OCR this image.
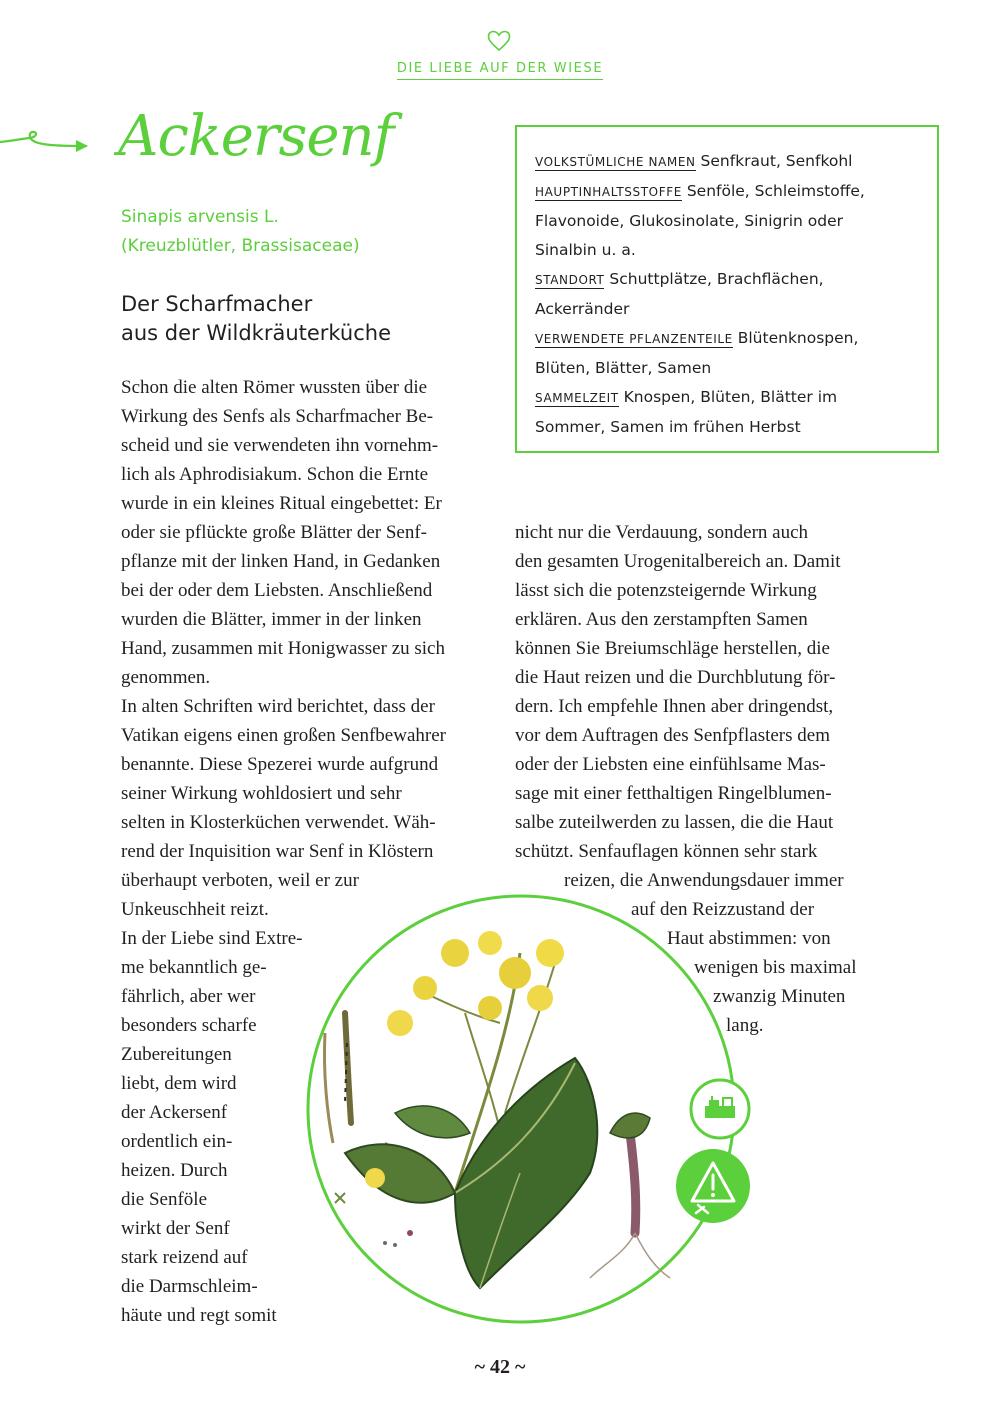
DIE LIEBE AUF DER WIESE
Ackersenf
Sinapis arvensis L.
(Kreuzblütler, Brassisaceae)
Der Scharfmacher
aus der Wildkräuterküche
VOLKSTÜMLICHE NAMEN Senfkraut, Senfkohl
HAUPTINHALTSSTOFFE Senföle, Schleimstoffe,
Flavonoide, Glukosinolate, Sinigrin oder
Sinalbin u. a.
STANDORT Schuttplätze, Brachflächen,
Ackerränder
VERWENDETE PFLANZENTEILE Blütenknospen,
Blüten, Blätter, Samen
SAMMELZEIT Knospen, Blüten, Blätter im
Sommer, Samen im frühen Herbst
Schon die alten Römer wussten über die
Wirkung des Senfs als Scharfmacher Be-
scheid und sie verwendeten ihn vornehm-
lich als Aphrodisiakum. Schon die Ernte
wurde in ein kleines Ritual eingebettet: Er
oder sie pflückte große Blätter der Senf-
pflanze mit der linken Hand, in Gedanken
bei der oder dem Liebsten. Anschließend
wurden die Blätter, immer in der linken
Hand, zusammen mit Honigwasser zu sich
genommen.
In alten Schriften wird berichtet, dass der
Vatikan eigens einen großen Senfbewahrer
benannte. Diese Spezerei wurde aufgrund
seiner Wirkung wohldosiert und sehr
selten in Klosterküchen verwendet. Wäh-
rend der Inquisition war Senf in Klöstern
überhaupt verboten, weil er zur
Unkeuschheit reizt.
In der Liebe sind Extre-
me bekanntlich ge-
fährlich, aber wer
besonders scharfe
Zubereitungen
liebt, dem wird
der Ackersenf
ordentlich ein-
heizen. Durch
die Senföle
wirkt der Senf
stark reizend auf
die Darmschleim-
häute und regt somit
nicht nur die Verdauung, sondern auch
den gesamten Urogenitalbereich an. Damit
lässt sich die potenzsteigernde Wirkung
erklären. Aus den zerstampften Samen
können Sie Breiumschläge herstellen, die
die Haut reizen und die Durchblutung för-
dern. Ich empfehle Ihnen aber dringendst,
vor dem Auftragen des Senfpflasters dem
oder der Liebsten eine einfühlsame Mas-
sage mit einer fetthaltigen Ringelblumen-
salbe zuteilwerden zu lassen, die die Haut
schützt. Senfauflagen können sehr stark
reizen, die Anwendungsdauer immer
auf den Reizzustand der
Haut abstimmen: von
wenigen bis maximal
zwanzig Minuten
lang.
~ 42 ~
